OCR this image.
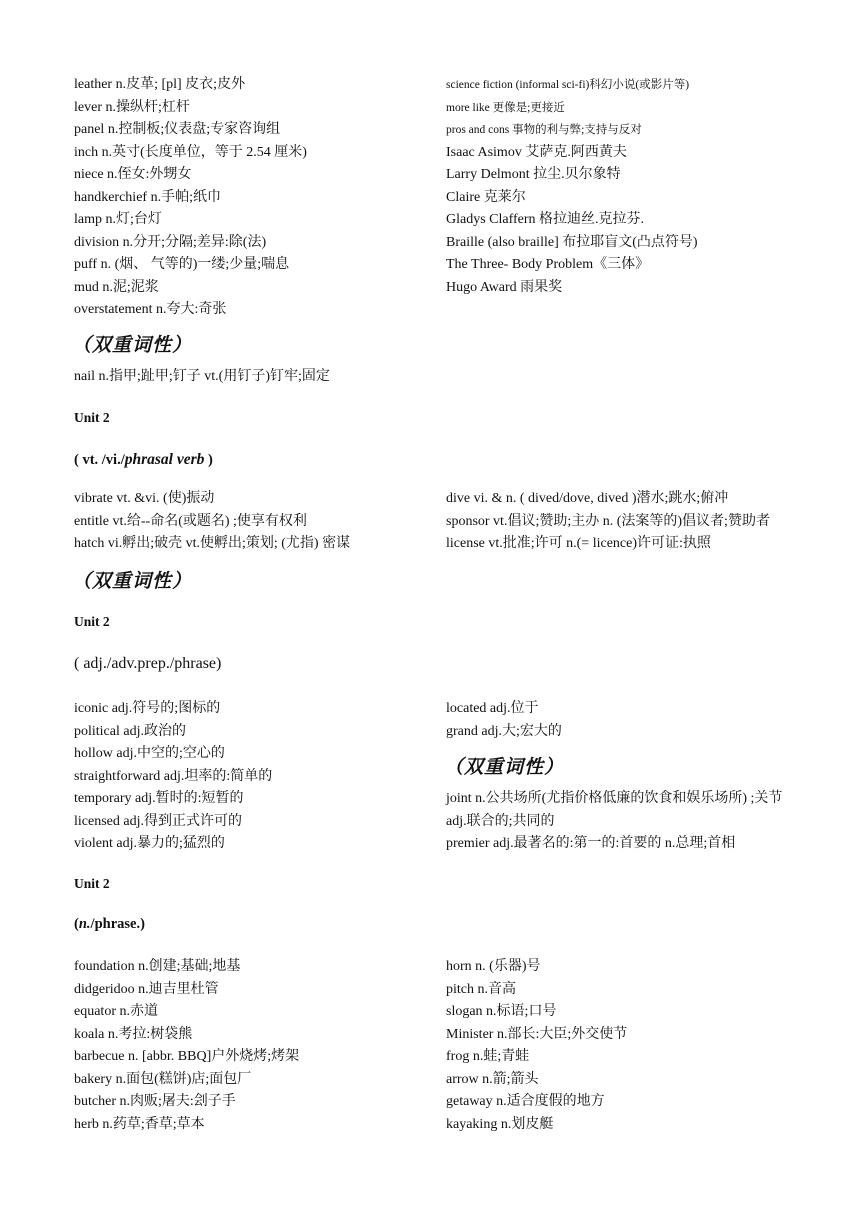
leather n.皮革; [pl] 皮衣;皮外
lever n.操纵杆;杠杆
panel n.控制板;仪表盘;专家咨询组
inch n.英寸(长度单位，等于 2.54 厘米)
niece n.侄女:外甥女
handkerchief n.手帕;纸巾
lamp n.灯;台灯
division n.分开;分隔;差异:除(法)
puff n. (烟、 气等的)一缕;少量;喘息
mud n.泥;泥浆
overstatement n.夸大:奇张
science fiction (informal sci-fi)科幻小说(或影片等)
more like 更像是;更接近
pros and cons 事物的利与弊;支持与反对
Isaac Asimov 艾萨克.阿西黄夫
Larry Delmont 拉尘.贝尔象特
Claire 克莱尔
Gladys Claffern 格拉迪丝.克拉芬.
Braille (also braille] 布拉耶盲文(凸点符号)
The Three- Body Problem《三体》
Hugo Award 雨果奖
（双重词性）
nail n.指甲;趾甲;钉子 vt.(用钉子)钉牢;固定
Unit 2
( vt. /vi./phrasal verb )
vibrate vt. &vi. (使)振动
entitle vt.给--命名(或题名) ;使享有权利
hatch vi.孵出;破壳 vt.使孵出;策划; (尤指) 密谋
（双重词性）
dive vi. & n. ( dived/dove, dived )潜水;跳水;俯冲
sponsor vt.倡议;赞助;主办 n. (法案等的)倡议者;赞助者
license vt.批准;许可 n.(= licence)许可证:执照
Unit 2
( adj./adv.prep./phrase)
iconic adj.符号的;图标的
political adj.政治的
hollow adj.中空的;空心的
straightforward adj.坦率的:简单的
temporary adj.暂时的:短暂的
licensed adj.得到正式许可的
violent adj.暴力的;猛烈的
located adj.位于
grand adj.大;宏大的
（双重词性）
joint n.公共场所(尤指价格低廉的饮食和娱乐场所) ;关节 adj.联合的;共同的
premier adj.最著名的:第一的:首要的 n.总理;首相
Unit 2
(n./phrase.)
foundation n.创建;基础;地基
didgeridoo n.迪吉里杜管
equator n.赤道
koala n.考拉:树袋熊
barbecue n. [abbr. BBQ]户外烧烤;烤架
bakery n.面包(糕饼)店;面包厂
butcher n.肉贩;屠夫:刽子手
herb n.药草;香草;草本
horn n. (乐器)号
pitch n.音高
slogan n.标语;口号
Minister n.部长:大臣;外交使节
frog n.蛙;青蛙
arrow n.箭;箭头
getaway n.适合度假的地方
kayaking n.划皮艇
